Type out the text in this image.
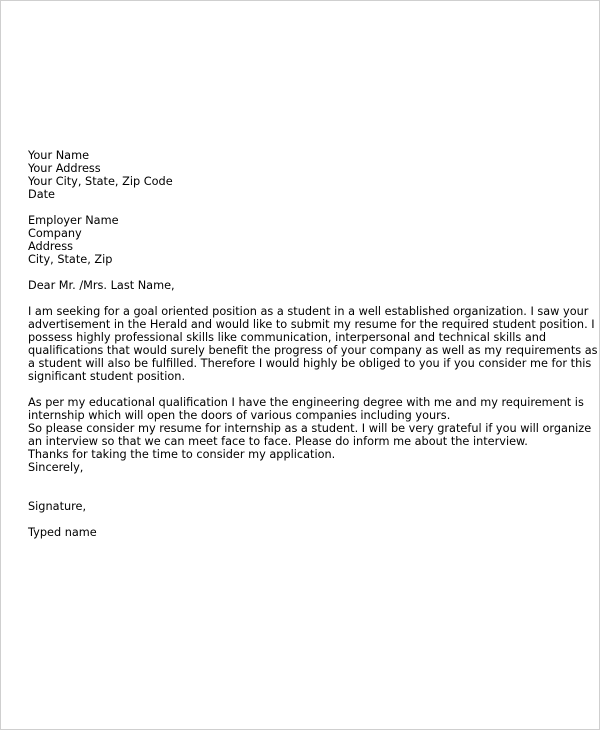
Your Name
Your Address
Your City, State, Zip Code
Date
Employer Name
Company
Address
City, State, Zip
Dear Mr. /Mrs. Last Name,
I am seeking for a goal oriented position as a student in a well established organization. I saw your
advertisement in the Herald and would like to submit my resume for the required student position. I
possess highly professional skills like communication, interpersonal and technical skills and
qualifications that would surely benefit the progress of your company as well as my requirements as
a student will also be fulfilled. Therefore I would highly be obliged to you if you consider me for this
significant student position.
As per my educational qualification I have the engineering degree with me and my requirement is
internship which will open the doors of various companies including yours.
So please consider my resume for internship as a student. I will be very grateful if you will organize
an interview so that we can meet face to face. Please do inform me about the interview.
Thanks for taking the time to consider my application.
Sincerely,
Signature,
Typed name
